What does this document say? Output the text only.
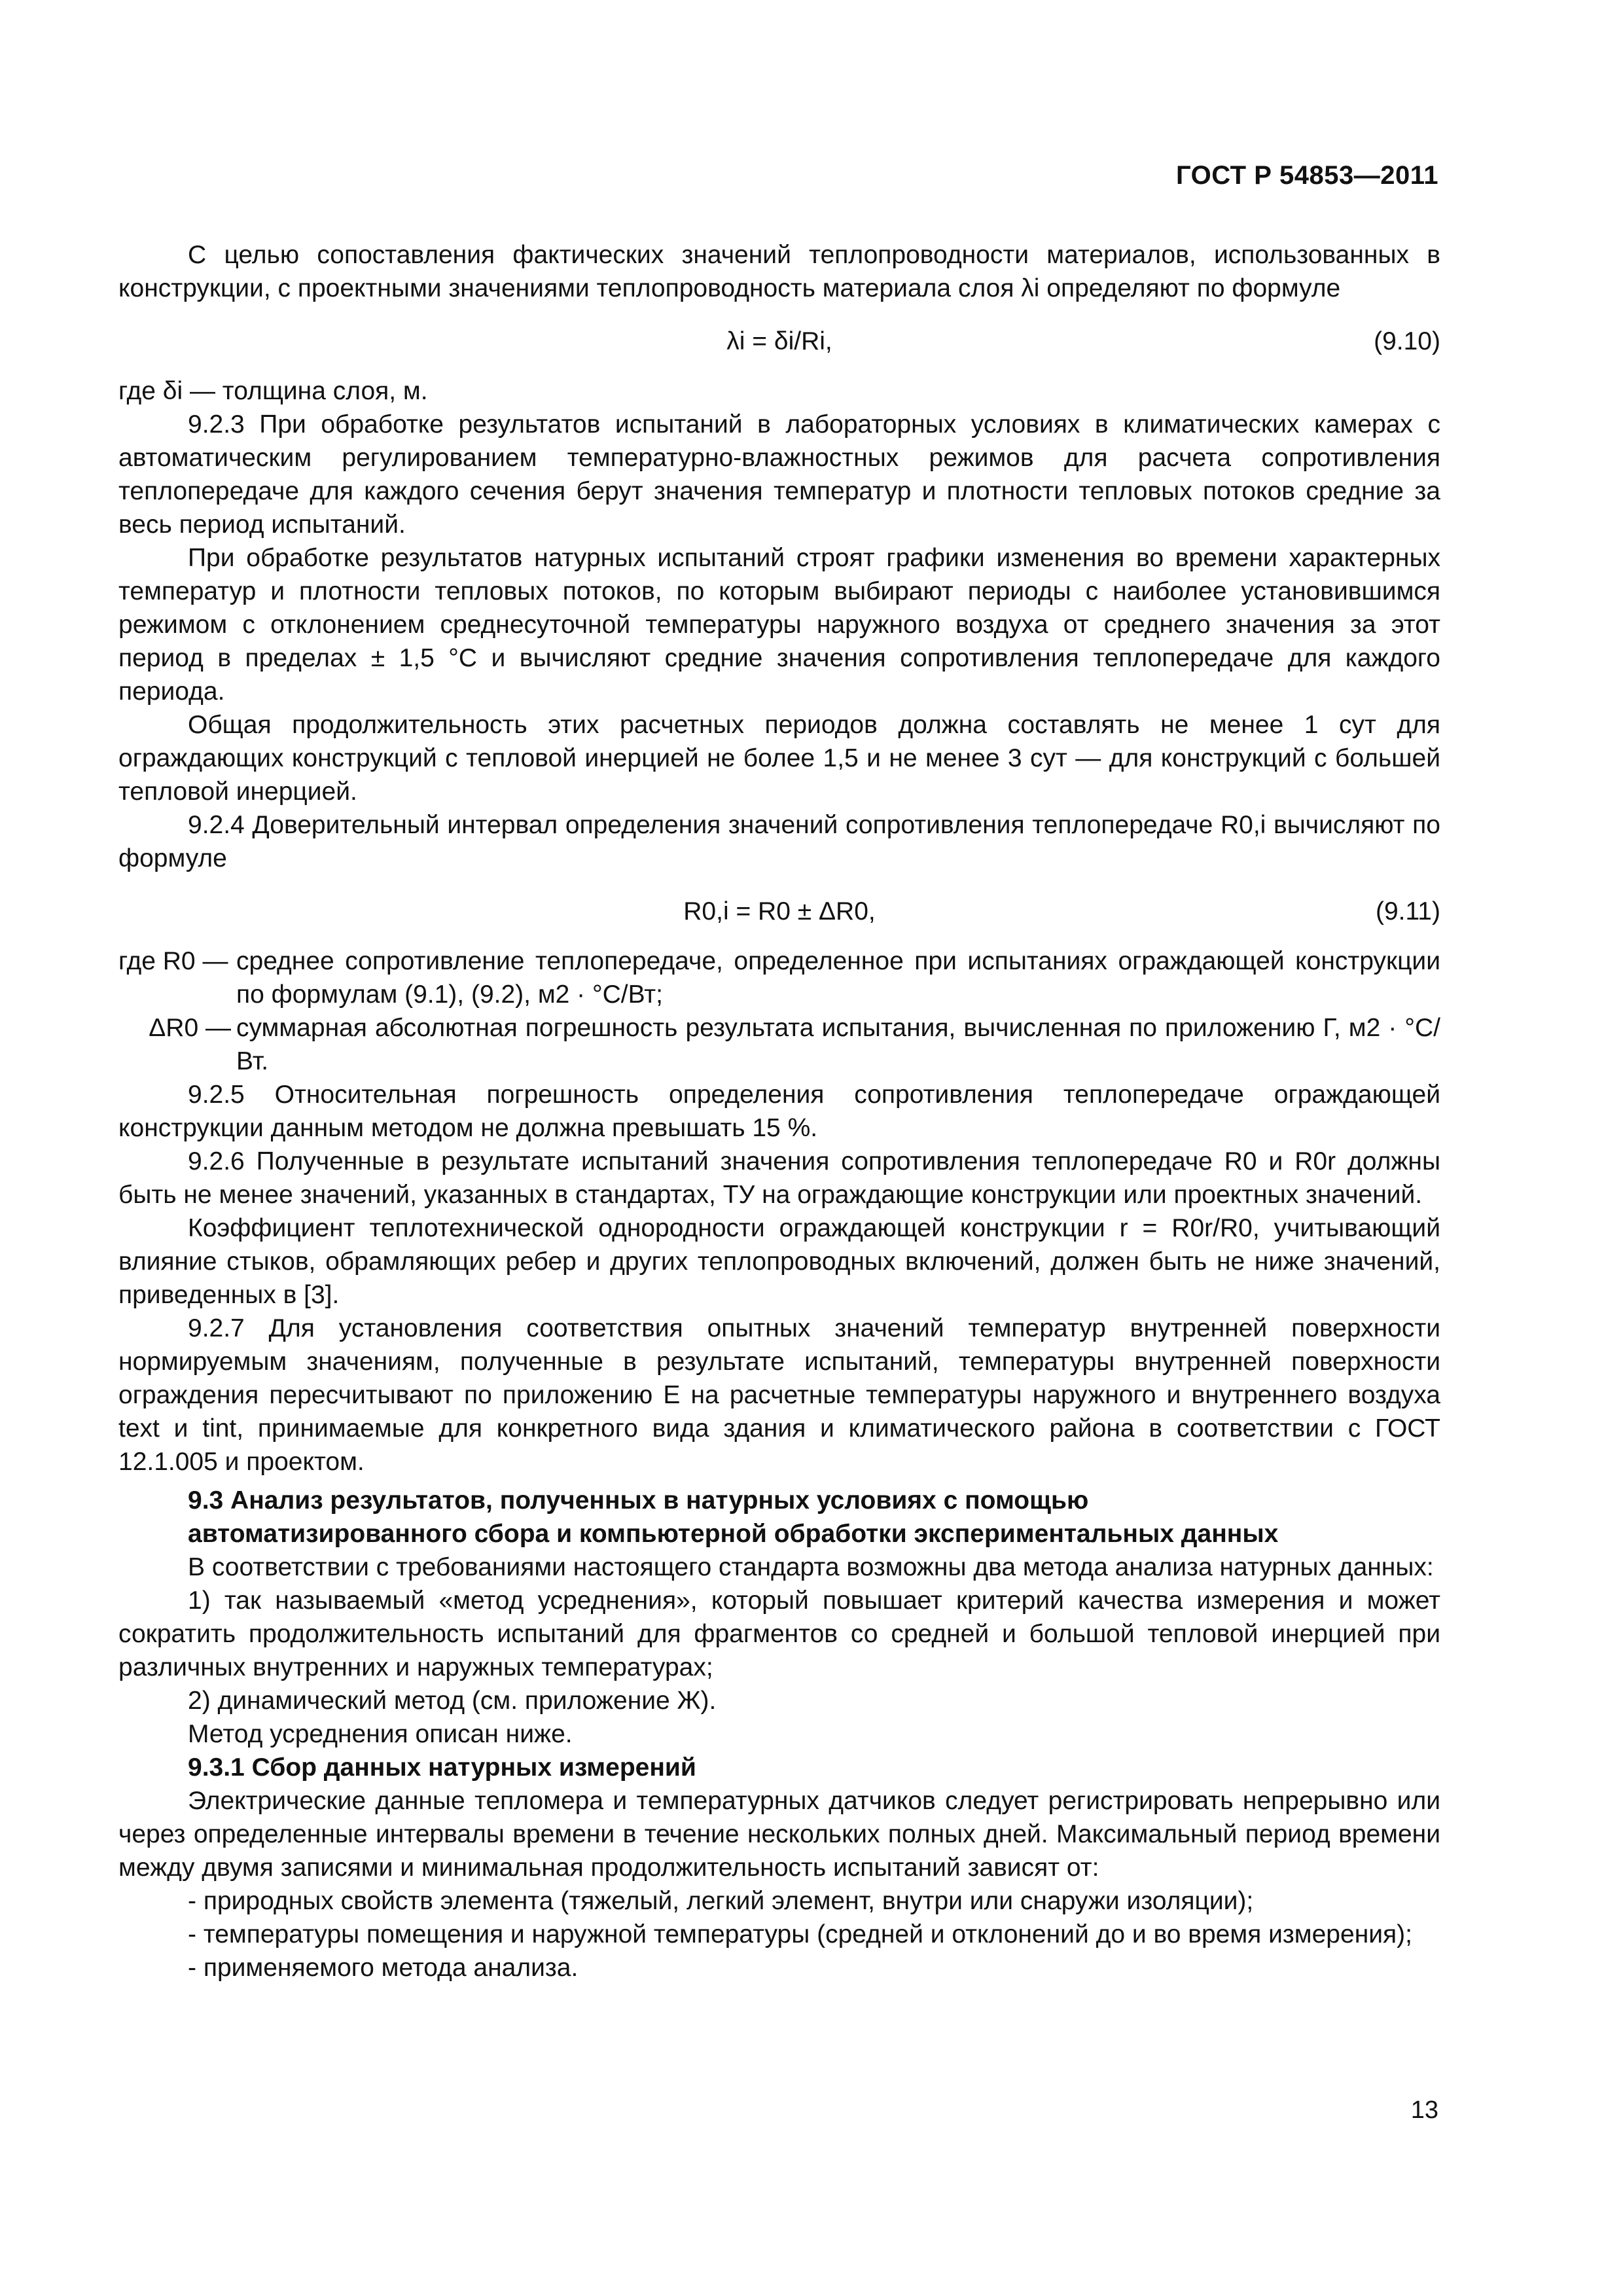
ГОСТ Р 54853—2011

С целью сопоставления фактических значений теплопроводности материалов, использованных в конструкции, с проектными значениями теплопроводность материала слоя λi определяют по формуле

λi = δi/Ri,	(9.10)

где δi — толщина слоя, м.

9.2.3 При обработке результатов испытаний в лабораторных условиях в климатических камерах с автоматическим регулированием температурно-влажностных режимов для расчета сопротивления теплопередаче для каждого сечения берут значения температур и плотности тепловых потоков средние за весь период испытаний.

При обработке результатов натурных испытаний строят графики изменения во времени характерных температур и плотности тепловых потоков, по которым выбирают периоды с наиболее установившимся режимом с отклонением среднесуточной температуры наружного воздуха от среднего значения за этот период в пределах ± 1,5 °С и вычисляют средние значения сопротивления теплопередаче для каждого периода.

Общая продолжительность этих расчетных периодов должна составлять не менее 1 сут для ограждающих конструкций с тепловой инерцией не более 1,5 и не менее 3 сут — для конструкций с большей тепловой инерцией.

9.2.4 Доверительный интервал определения значений сопротивления теплопередаче R0,i вычисляют по формуле

R0,i = R0 ± ΔR0,	(9.11)
где R0 — среднее сопротивление теплопередаче, определенное при испытаниях ограждающей конструкции по формулам (9.1), (9.2), м2 · °С/Вт;
ΔR0 — суммарная абсолютная погрешность результата испытания, вычисленная по приложению Г, м2 · °С/Вт.

9.2.5 Относительная погрешность определения сопротивления теплопередаче ограждающей конструкции данным методом не должна превышать 15 %.

9.2.6 Полученные в результате испытаний значения сопротивления теплопередаче R0 и R0r должны быть не менее значений, указанных в стандартах, ТУ на ограждающие конструкции или проектных значений.

Коэффициент теплотехнической однородности ограждающей конструкции r = R0r/R0, учитывающий влияние стыков, обрамляющих ребер и других теплопроводных включений, должен быть не ниже значений, приведенных в [3].

9.2.7 Для установления соответствия опытных значений температур внутренней поверхности нормируемым значениям, полученные в результате испытаний, температуры внутренней поверхности ограждения пересчитывают по приложению Е на расчетные температуры наружного и внутреннего воздуха text и tint, принимаемые для конкретного вида здания и климатического района в соответствии с ГОСТ 12.1.005 и проектом.

9.3 Анализ результатов, полученных в натурных условиях с помощью
автоматизированного сбора и компьютерной обработки экспериментальных данных

В соответствии с требованиями настоящего стандарта возможны два метода анализа натурных данных:

1) так называемый «метод усреднения», который повышает критерий качества измерения и может сократить продолжительность испытаний для фрагментов со средней и большой тепловой инерцией при различных внутренних и наружных температурах;

2) динамический метод (см. приложение Ж).

Метод усреднения описан ниже.

9.3.1 Сбор данных натурных измерений

Электрические данные тепломера и температурных датчиков следует регистрировать непрерывно или через определенные интервалы времени в течение нескольких полных дней. Максимальный период времени между двумя записями и минимальная продолжительность испытаний зависят от:

- природных свойств элемента (тяжелый, легкий элемент, внутри или снаружи изоляции);

- температуры помещения и наружной температуры (средней и отклонений до и во время измерения);

- применяемого метода анализа.

13
